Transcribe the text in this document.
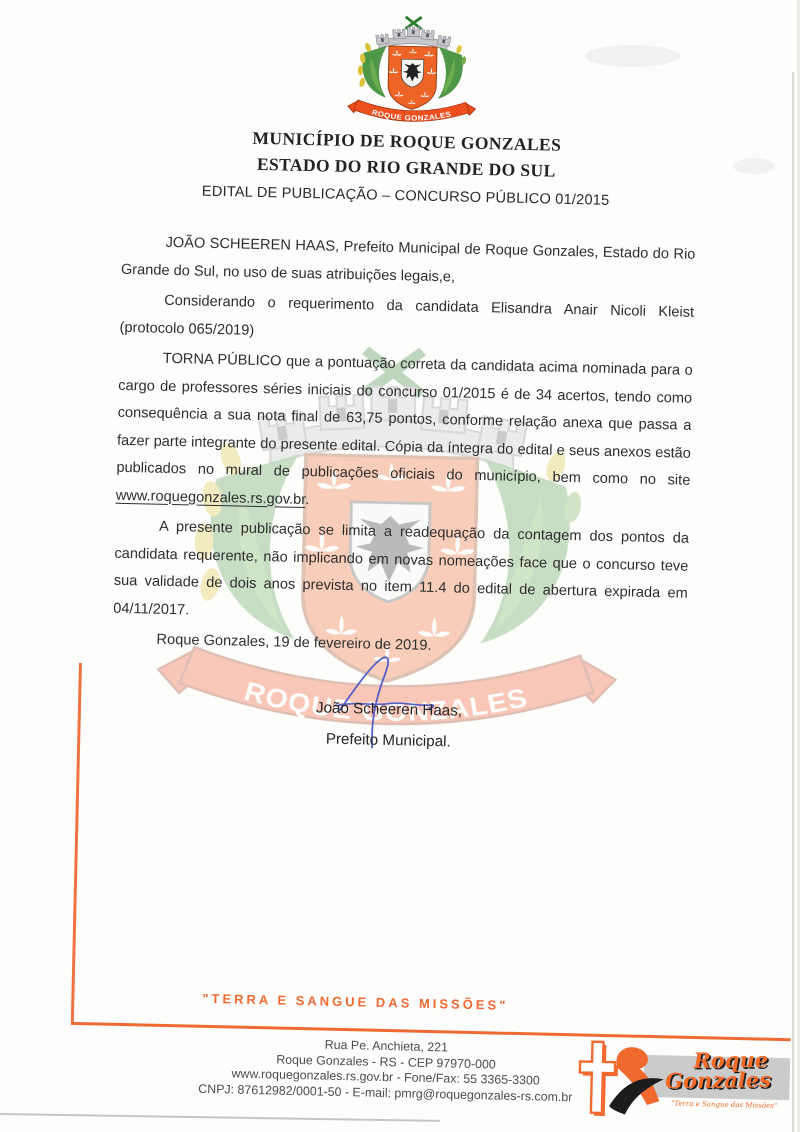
MUNICÍPIO DE ROQUE GONZALES
ESTADO DO RIO GRANDE DO SUL
EDITAL DE PUBLICAÇÃO – CONCURSO PÚBLICO 01/2015

JOÃO SCHEEREN HAAS, Prefeito Municipal de Roque Gonzales, Estado do Rio Grande do Sul, no uso de suas atribuições legais,e,

Considerando o requerimento da candidata Elisandra Anair Nicoli Kleist (protocolo 065/2019)

TORNA PÚBLICO que a pontuação correta da candidata acima nominada para o cargo de professores séries iniciais do concurso 01/2015 é de 34 acertos, tendo como consequência a sua nota final de 63,75 pontos, conforme relação anexa que passa a fazer parte integrante do presente edital. Cópia da íntegra do edital e seus anexos estão publicados no mural de publicações oficiais do município, bem como no site www.roquegonzales.rs.gov.br.

A presente publicação se limita a readequação da contagem dos pontos da candidata requerente, não implicando em novas nomeações face que o concurso teve sua validade de dois anos prevista no item 11.4 do edital de abertura expirada em 04/11/2017.

Roque Gonzales, 19 de fevereiro de 2019.

João Scheeren Haas,
Prefeito Municipal.
"TERRA E SANGUE DAS MISSÕES"
Rua Pe. Anchieta, 221
Roque Gonzales - RS - CEP 97970-000
www.roquegonzales.rs.gov.br - Fone/Fax: 55 3365-3300
CNPJ: 87612982/0001-50 - E-mail: pmrg@roquegonzales-rs.com.br
Roque
Gonzales
"Terra e Sangue das Missões"
